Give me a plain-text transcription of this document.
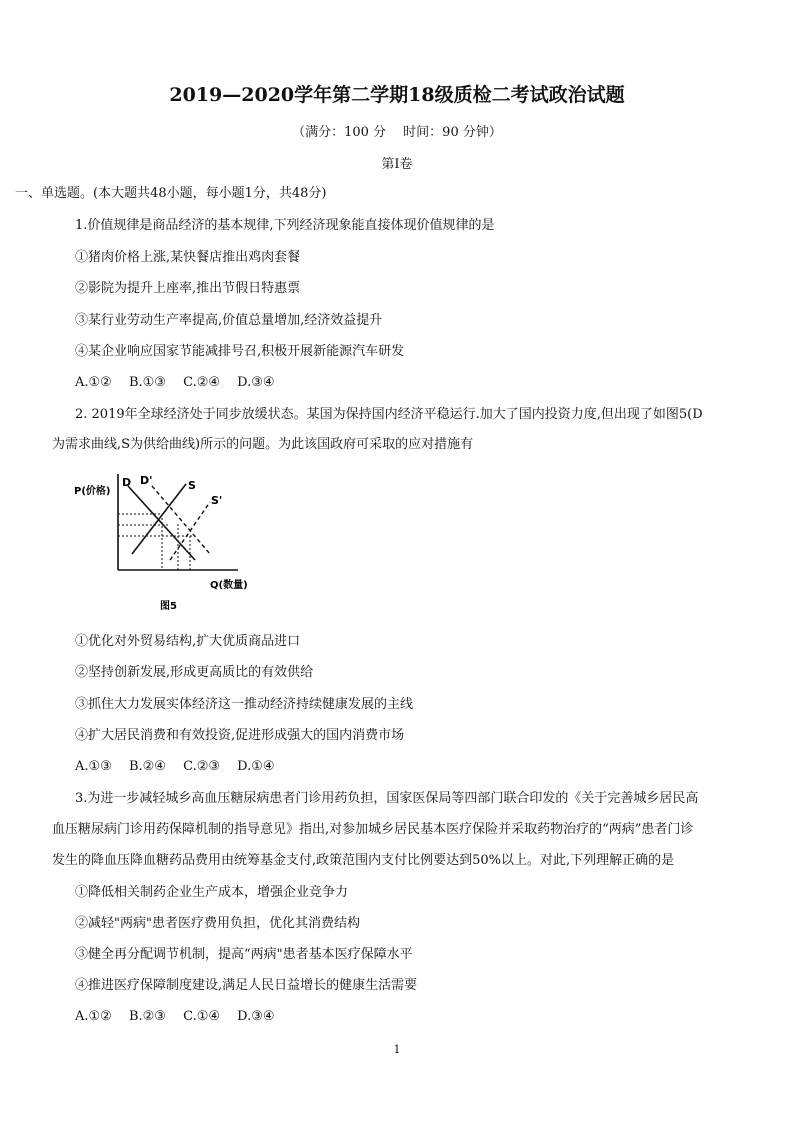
2019—2020学年第二学期18级质检二考试政治试题
（满分：100 分　 时间：90 分钟）
第Ⅰ卷
一、单选题。(本大题共48小题，每小题1分，共48分)
1.价值规律是商品经济的基本规律,下列经济现象能直接体现价值规律的是
①猪肉价格上涨,某快餐店推出鸡肉套餐
②影院为提升上座率,推出节假日特惠票
③某行业劳动生产率提高,价值总量增加,经济效益提升
④某企业响应国家节能减排号召,积极开展新能源汽车研发
A.①②　 B.①③　 C.②④　 D.③④
2. 2019年全球经济处于同步放缓状态。某国为保持国内经济平稳运行.加大了国内投资力度,但出现了如图5(D
为需求曲线,S为供给曲线)所示的问题。为此该国政府可采取的应对措施有
P(价格)
D D'	S
S'
Q(数量)
图5
①优化对外贸易结构,扩大优质商品进口
②坚持创新发展,形成更高质比的有效供给
③抓住大力发展实体经济这一推动经济持续健康发展的主线
④扩大居民消费和有效投资,促进形成强大的国内消费市场
A.①③　 B.②④　 C.②③　 D.①④
3.为进一步减轻城乡高血压糖尿病患者门诊用药负担，国家医保局等四部门联合印发的《关于完善城乡居民高
血压糖尿病门诊用药保障机制的指导意见》指出,对参加城乡居民基本医疗保险并采取药物治疗的“两病”患者门诊
发生的降血压降血糖药品费用由统筹基金支付,政策范围内支付比例要达到50%以上。对此,下列理解正确的是
①降低相关制药企业生产成本，增强企业竞争力
②减轻"两病"患者医疗费用负担，优化其消费结构
③健全再分配调节机制，提高“两病"患者基本医疗保障水平
④推进医疗保障制度建设,满足人民日益增长的健康生活需要
A.①②　 B.②③　 C.①④　 D.③④
1
